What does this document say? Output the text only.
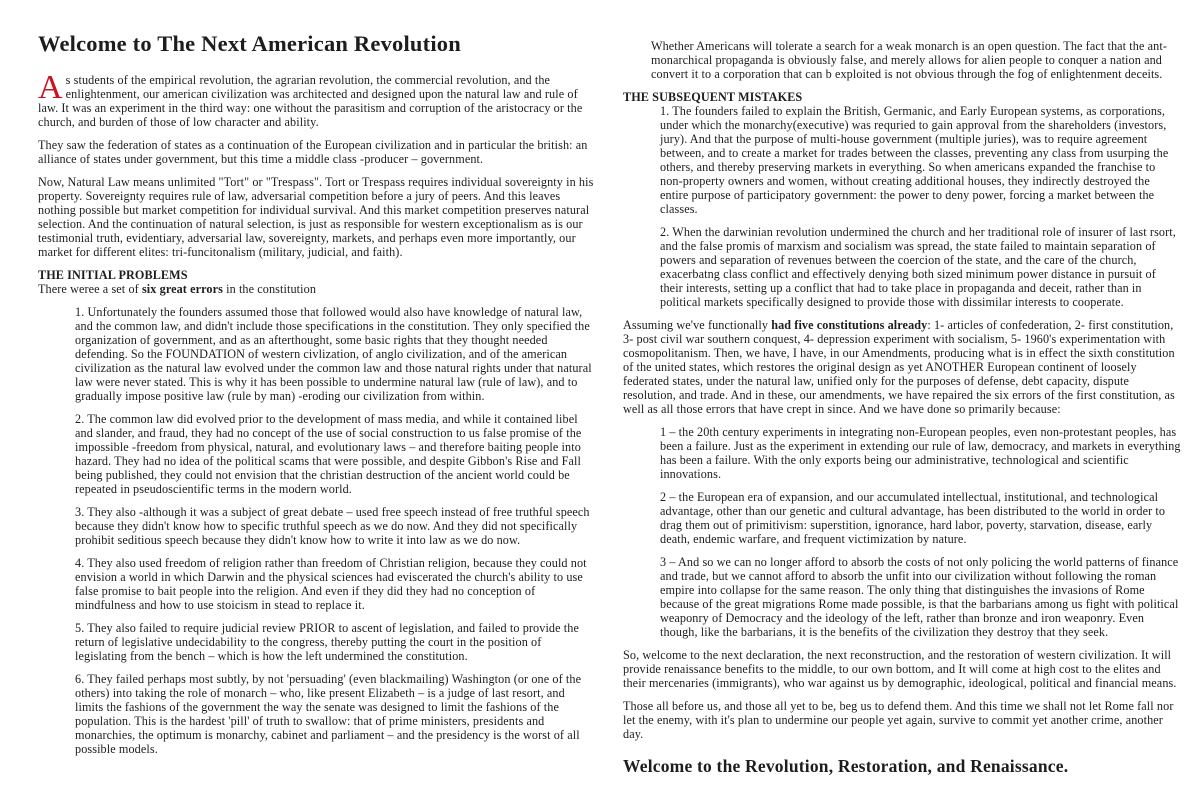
Welcome to The Next American Revolution

As students of the empirical revolution, the agrarian revolution, the commercial revolution, and the enlightenment, our american civilization was architected and designed upon the natural law and rule of law. It was an experiment in the third way: one without the parasitism and corruption of the aristocracy or the church, and burden of those of low character and ability.

They saw the federation of states as a continuation of the European civilization and in particular the british: an alliance of states under government, but this time a middle class -producer – government.

Now, Natural Law means unlimited "Tort" or "Trespass". Tort or Trespass requires individual sovereignty in his property. Sovereignty requires rule of law, adversarial competition before a jury of peers. And this leaves nothing possible but market competition for individual survival. And this market competition preserves natural selection. And the continuation of natural selection, is just as responsible for western exceptionalism as is our testimonial truth, evidentiary, adversarial law, sovereignty, markets, and perhaps even more importantly, our market for different elites: tri-funcitonalism (military, judicial, and faith).

THE INITIAL PROBLEMS

There weree a set of six great errors in the constitution

1. Unfortunately the founders assumed those that followed would also have knowledge of natural law, and the common law, and didn't include those specifications in the constitution. They only specified the organization of government, and as an afterthought, some basic rights that they thought needed defending. So the FOUNDATION of western civlization, of anglo civilization, and of the american civilization as the natural law evolved under the common law and those natural rights under that natural law were never stated. This is why it has been possible to undermine natural law (rule of law), and to gradually impose positive law (rule by man) -eroding our civilization from within.

2. The common law did evolved prior to the development of mass media, and while it contained libel and slander, and fraud, they had no concept of the use of social construction to us false promise of the impossible -freedom from physical, natural, and evolutionary laws – and therefore baiting people into hazard. They had no idea of the political scams that were possible, and despite Gibbon's Rise and Fall being published, they could not envision that the christian destruction of the ancient world could be repeated in pseudoscientific terms in the modern world.

3. They also -although it was a subject of great debate – used free speech instead of free truthful speech because they didn't know how to specific truthful speech as we do now. And they did not specifically prohibit seditious speech because they didn't know how to write it into law as we do now.

4. They also used freedom of religion rather than freedom of Christian religion, because they could not envision a world in which Darwin and the physical sciences had eviscerated the church's ability to use false promise to bait people into the religion. And even if they did they had no conception of mindfulness and how to use stoicism in stead to replace it.

5. They also failed to require judicial review PRIOR to ascent of legislation, and failed to provide the return of legislative undecidability to the congress, thereby putting the court in the position of legislating from the bench – which is how the left undermined the constitution.

6. They failed perhaps most subtly, by not 'persuading' (even blackmailing) Washington (or one of the others) into taking the role of monarch – who, like present Elizabeth – is a judge of last resort, and limits the fashions of the government the way the senate was designed to limit the fashions of the population. This is the hardest 'pill' of truth to swallow: that of prime ministers, presidents and monarchies, the optimum is monarchy, cabinet and parliament – and the presidency is the worst of all possible models.

Whether Americans will tolerate a search for a weak monarch is an open question. The fact that the ant-monarchical propaganda is obviously false, and merely allows for alien people to conquer a nation and convert it to a corporation that can b exploited is not obvious through the fog of enlightenment deceits.

THE SUBSEQUENT MISTAKES

1. The founders failed to explain the British, Germanic, and Early European systems, as corporations, under which the monarchy(executive) was requried to gain approval from the shareholders (investors, jury). And that the purpose of multi-house government (multiple juries), was to require agreement between, and to create a market for trades between the classes, preventing any class from usurping the others, and thereby preserving markets in everything. So when americans expanded the franchise to non-property owners and women, without creating additional houses, they indirectly destroyed the entire purpose of participatory government: the power to deny power, forcing a market between the classes.

2. When the darwinian revolution undermined the church and her traditional role of insurer of last rsort, and the false promis of marxism and socialism was spread, the state failed to maintain separation of powers and separation of revenues between the coercion of the state, and the care of the church, exacerbatng class conflict and effectively denying both sized minimum power distance in pursuit of their interests, setting up a conflict that had to take place in propaganda and deceit, rather than in political markets specifically designed to provide those with dissimilar interests to cooperate.

Assuming we've functionally had five constitutions already: 1- articles of confederation, 2- first constitution, 3- post civil war southern conquest, 4- depression experiment with socialism, 5- 1960's experimentation with cosmopolitanism. Then, we have, I have, in our Amendments, producing what is in effect the sixth constitution of the united states, which restores the original design as yet ANOTHER European continent of loosely federated states, under the natural law, unified only for the purposes of defense, debt capacity, dispute resolution, and trade. And in these, our amendments, we have repaired the six errors of the first constitution, as well as all those errors that have crept in since. And we have done so primarily because:

1 – the 20th century experiments in integrating non-European peoples, even non-protestant peoples, has been a failure. Just as the experiment in extending our rule of law, democracy, and markets in everything has been a failure. With the only exports being our administrative, technological and scientific innovations.

2 – the European era of expansion, and our accumulated intellectual, institutional, and technological advantage, other than our genetic and cultural advantage, has been distributed to the world in order to drag them out of primitivism: superstition, ignorance, hard labor, poverty, starvation, disease, early death, endemic warfare, and frequent victimization by nature.

3 – And so we can no longer afford to absorb the costs of not only policing the world patterns of finance and trade, but we cannot afford to absorb the unfit into our civilization without following the roman empire into collapse for the same reason. The only thing that distinguishes the invasions of Rome because of the great migrations Rome made possible, is that the barbarians among us fight with political weaponry of Democracy and the ideology of the left, rather than bronze and iron weaponry. Even though, like the barbarians, it is the benefits of the civilization they destroy that they seek.

So, welcome to the next declaration, the next reconstruction, and the restoration of western civilization. It will provide renaissance benefits to the middle, to our own bottom, and It will come at high cost to the elites and their mercenaries (immigrants), who war against us by demographic, ideological, political and financial means.

Those all before us, and those all yet to be, beg us to defend them. And this time we shall not let Rome fall nor let the enemy, with it's plan to undermine our people yet again, survive to commit yet another crime, another day.

Welcome to the Revolution, Restoration, and Renaissance.
